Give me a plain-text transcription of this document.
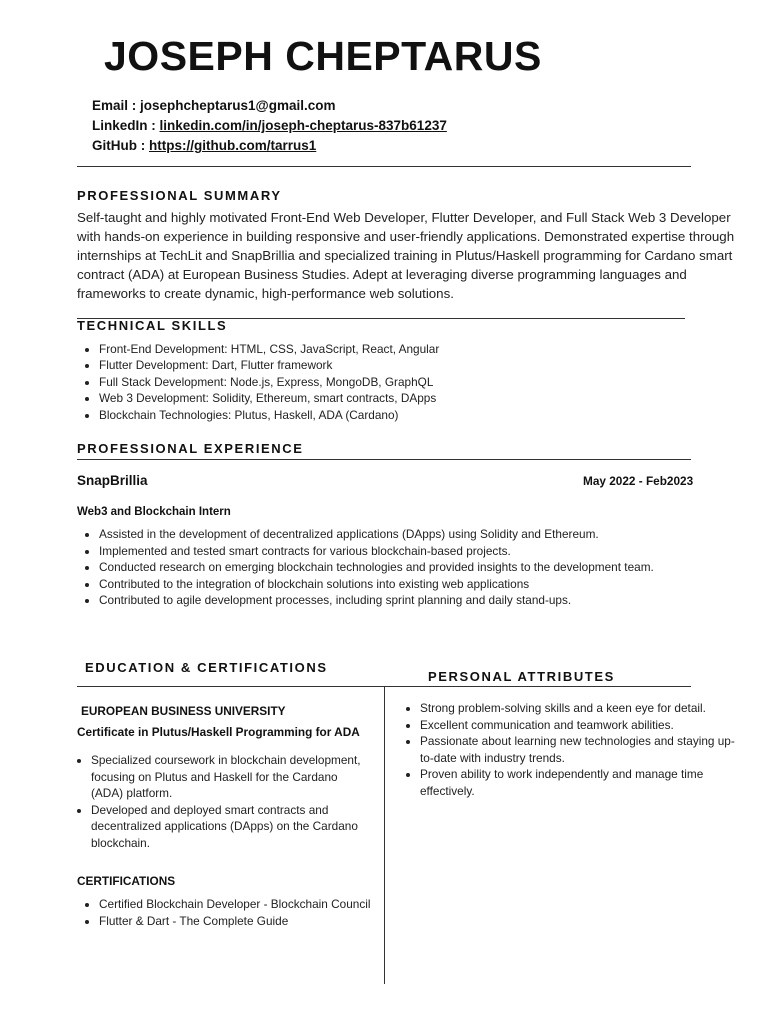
JOSEPH CHEPTARUS
Email : josephcheptarus1@gmail.com
LinkedIn : linkedin.com/in/joseph-cheptarus-837b61237
GitHub : https://github.com/tarrus1
PROFESSIONAL SUMMARY
Self-taught and highly motivated Front-End Web Developer, Flutter Developer, and Full Stack Web 3 Developer with hands-on experience in building responsive and user-friendly applications. Demonstrated expertise through internships at TechLit and SnapBrillia and specialized training in Plutus/Haskell programming for Cardano smart contract (ADA) at European Business Studies. Adept at leveraging diverse programming languages and frameworks to create dynamic, high-performance web solutions.
TECHNICAL SKILLS
• Front-End Development: HTML, CSS, JavaScript, React, Angular
• Flutter Development: Dart, Flutter framework
• Full Stack Development: Node.js, Express, MongoDB, GraphQL
• Web 3 Development: Solidity, Ethereum, smart contracts, DApps
• Blockchain Technologies: Plutus, Haskell, ADA (Cardano)
PROFESSIONAL EXPERIENCE
SnapBrillia	May 2022 - Feb2023
Web3 and Blockchain Intern
• Assisted in the development of decentralized applications (DApps) using Solidity and Ethereum.
• Implemented and tested smart contracts for various blockchain-based projects.
• Conducted research on emerging blockchain technologies and provided insights to the development team.
• Contributed to the integration of blockchain solutions into existing web applications
• Contributed to agile development processes, including sprint planning and daily stand-ups.
EDUCATION & CERTIFICATIONS
EUROPEAN BUSINESS UNIVERSITY
Certificate in Plutus/Haskell Programming for ADA
• Specialized coursework in blockchain development, focusing on Plutus and Haskell for the Cardano (ADA) platform.
• Developed and deployed smart contracts and decentralized applications (DApps) on the Cardano blockchain.
CERTIFICATIONS
• Certified Blockchain Developer - Blockchain Council
• Flutter & Dart - The Complete Guide
PERSONAL ATTRIBUTES
• Strong problem-solving skills and a keen eye for detail.
• Excellent communication and teamwork abilities.
• Passionate about learning new technologies and staying up-to-date with industry trends.
• Proven ability to work independently and manage time effectively.
